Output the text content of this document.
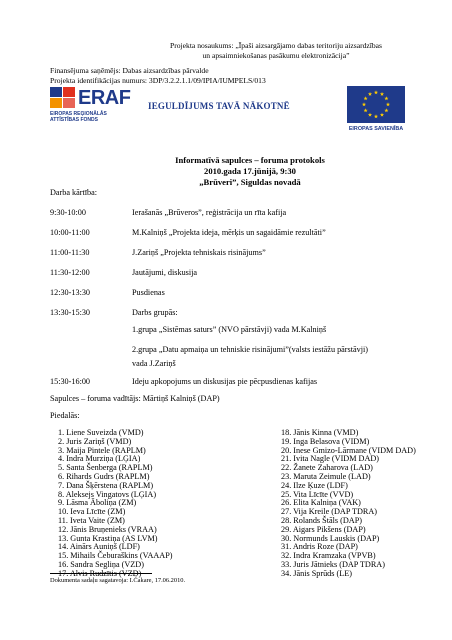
Projekta nosaukums: „Īpaši aizsargājamo dabas teritoriju aizsardzības
un apsaimniekošanas pasākumu elektronizācija”
Finansējuma saņēmējs: Dabas aizsardzības pārvalde
Projekta identifikācijas numurs: 3DP/3.2.2.1.1/09/IPIA/IUMPELS/013
ERAF
EIROPAS REĢIONĀLĀS
ATTĪSTĪBAS FONDS
IEGULDĪJUMS TAVĀ NĀKOTNĒ
EIROPAS SAVIENĪBA
Informatīvā sapulces – foruma protokols
2010.gada 17.jūnijā, 9:30
„Brūveri”, Siguldas novadā
Darba kārtība:
9:30-10:00	Ierašanās „Brūveros”, reģistrācija un rīta kafija
10:00-11:00	M.Kalniņš „Projekta ideja, mērķis un sagaidāmie rezultāti”
11:00-11:30	J.Zariņš „Projekta tehniskais risinājums”
11:30-12:00	Jautājumi, diskusija
12:30-13:30	Pusdienas
13:30-15:30	Darbs grupās:
1.grupa „Sistēmas saturs” (NVO pārstāvji) vada M.Kalniņš
2.grupa „Datu apmaiņa un tehniskie risinājumi”(valsts iestāžu pārstāvji)
vada J.Zariņš
15:30-16:00	Ideju apkopojums un diskusijas pie pēcpusdienas kafijas
Sapulces – foruma vadītājs: Mārtiņš Kalniņš (DAP)
Piedalās:
1. Liene Suveizda (VMD)
2. Juris Zariņš (VMD)
3. Maija Pintele (RAPLM)
4. Indra Murziņa (LĢIA)
5. Santa Šenberga (RAPLM)
6. Rihards Gudrs (RAPLM)
7. Dana Šķērstena (RAPLM)
8. Aleksejs Vingatovs (LĢIA)
9. Lāsma Āboliņa (ZM)
10. Ieva Līcīte (ZM)
11. Iveta Vaite (ZM)
12. Jānis Bruņenieks (VRAA)
13. Gunta Krastiņa (AS LVM)
14. Ainārs Auniņš (LDF)
15. Mihails Čeburaškins (VAAAP)
16. Sandra Segliņa (VZD)
17. Alvis Rudzītis (VZD)
18. Jānis Kinna (VMD)
19. Inga Belasova (VIDM)
20. Inese Gmizo-Lārmane (VIDM DAD)
21. Ivita Nagle (VIDM DAD)
22. Žanete Zaharova (LAD)
23. Maruta Zeimule (LAD)
24. Ilze Ķuze (LDF)
25. Vita Līcīte (VVD)
26. Elita Kalniņa (VAK)
27. Vija Kreile (DAP TDRA)
28. Rolands Štāls (DAP)
29. Aigars Pikšens (DAP)
30. Normunds Lauskis (DAP)
31. Andris Roze (DAP)
32. Indra Kramzaka (VPVB)
33. Juris Jātnieks (DAP TDRA)
34. Jānis Sprūds (LE)
Dokumenta sadaļu sagatavoja: I.Čakare, 17.06.2010.
